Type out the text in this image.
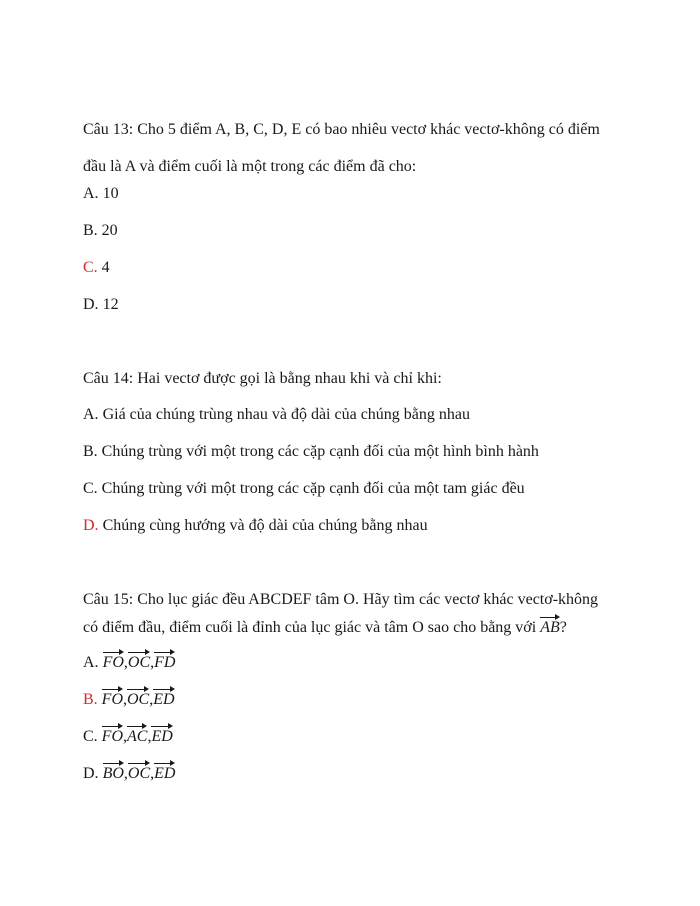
Câu 13: Cho 5 điểm A, B, C, D, E có bao nhiêu vectơ khác vectơ-không có điểm
đầu là A và điểm cuối là một trong các điểm đã cho:
A. 10
B. 20
C. 4
D. 12
Câu 14: Hai vectơ được gọi là bằng nhau khi và chỉ khi:
A. Giá của chúng trùng nhau và độ dài của chúng bằng nhau
B. Chúng trùng với một trong các cặp cạnh đối của một hình bình hành
C. Chúng trùng với một trong các cặp cạnh đối của một tam giác đều
D. Chúng cùng hướng và độ dài của chúng bằng nhau
Câu 15: Cho lục giác đều ABCDEF tâm O. Hãy tìm các vectơ khác vectơ-không
có điểm đầu, điểm cuối là đỉnh của lục giác và tâm O sao cho bằng với AB?
A. FO,OC,FD
B. FO,OC,ED
C. FO,AC,ED
D. BO,OC,ED
